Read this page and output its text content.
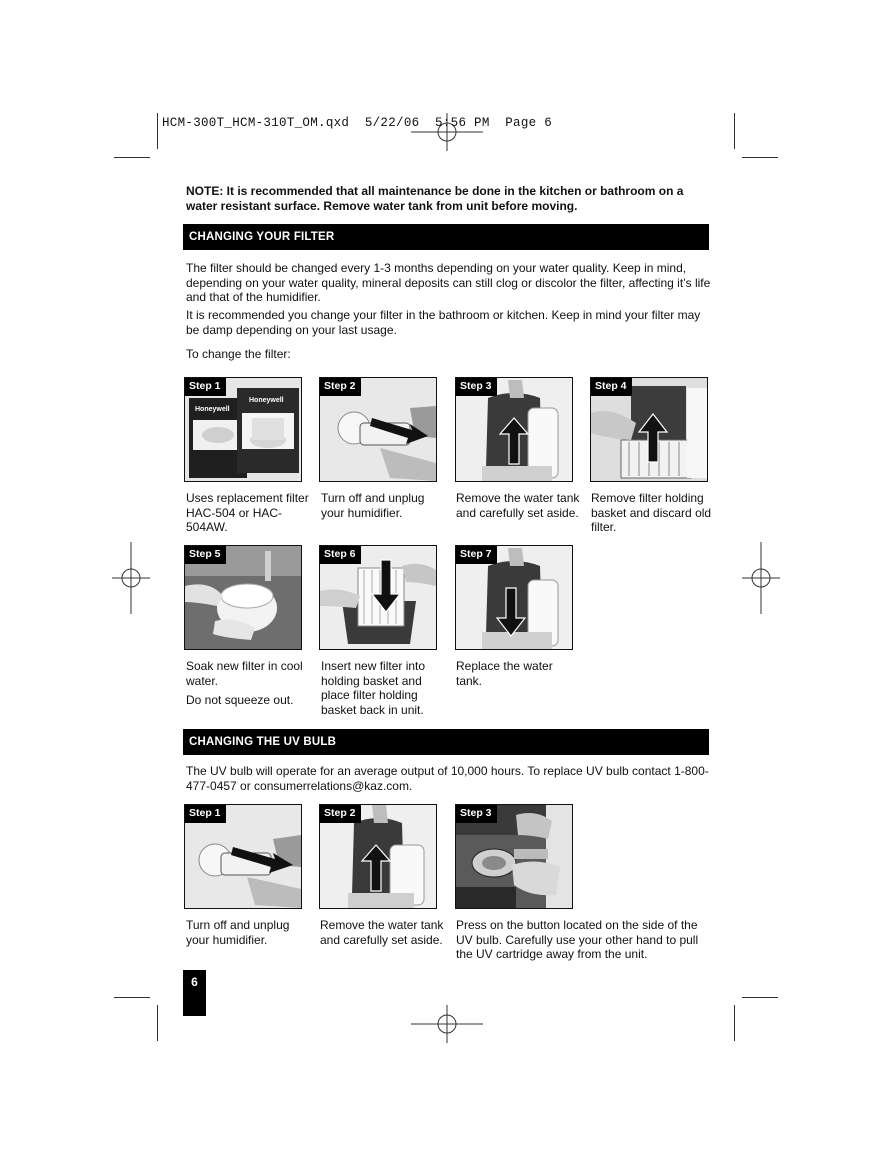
HCM-300T_HCM-310T_OM.qxd  5/22/06  5:56 PM  Page 6
NOTE: It is recommended that all maintenance be done in the kitchen or bathroom on a water resistant surface. Remove water tank from unit before moving.
CHANGING YOUR FILTER
The filter should be changed every 1-3 months depending on your water quality. Keep in mind, depending on your water quality, mineral deposits can still clog or discolor the filter, affecting it’s life and that of the humidifier.
It is recommended you change your filter in the bathroom or kitchen. Keep in mind your filter may be damp depending on your last usage.
To change the filter:
Step 1
Honeywell
Honeywell
Uses replacement filter HAC-504 or HAC-504AW.
Step 2
Turn off and unplug your humidifier.
Step 3
Remove the water tank and carefully set aside.
Step 4
Remove filter holding basket and discard old filter.
Step 5
Soak new filter in cool water.
Do not squeeze out.
Step 6
Insert new filter into holding basket and place filter holding basket back in unit.
Step 7
Replace the water tank.
CHANGING THE UV BULB
The UV bulb will operate for an average output of 10,000 hours. To replace UV bulb contact 1-800-477-0457 or consumerrelations@kaz.com.
Step 1
Turn off and unplug your humidifier.
Step 2
Remove the water tank and carefully set aside.
Step 3
Press on the button located on the side of the UV bulb. Carefully use your other hand to pull the UV cartridge away from the unit.
6
